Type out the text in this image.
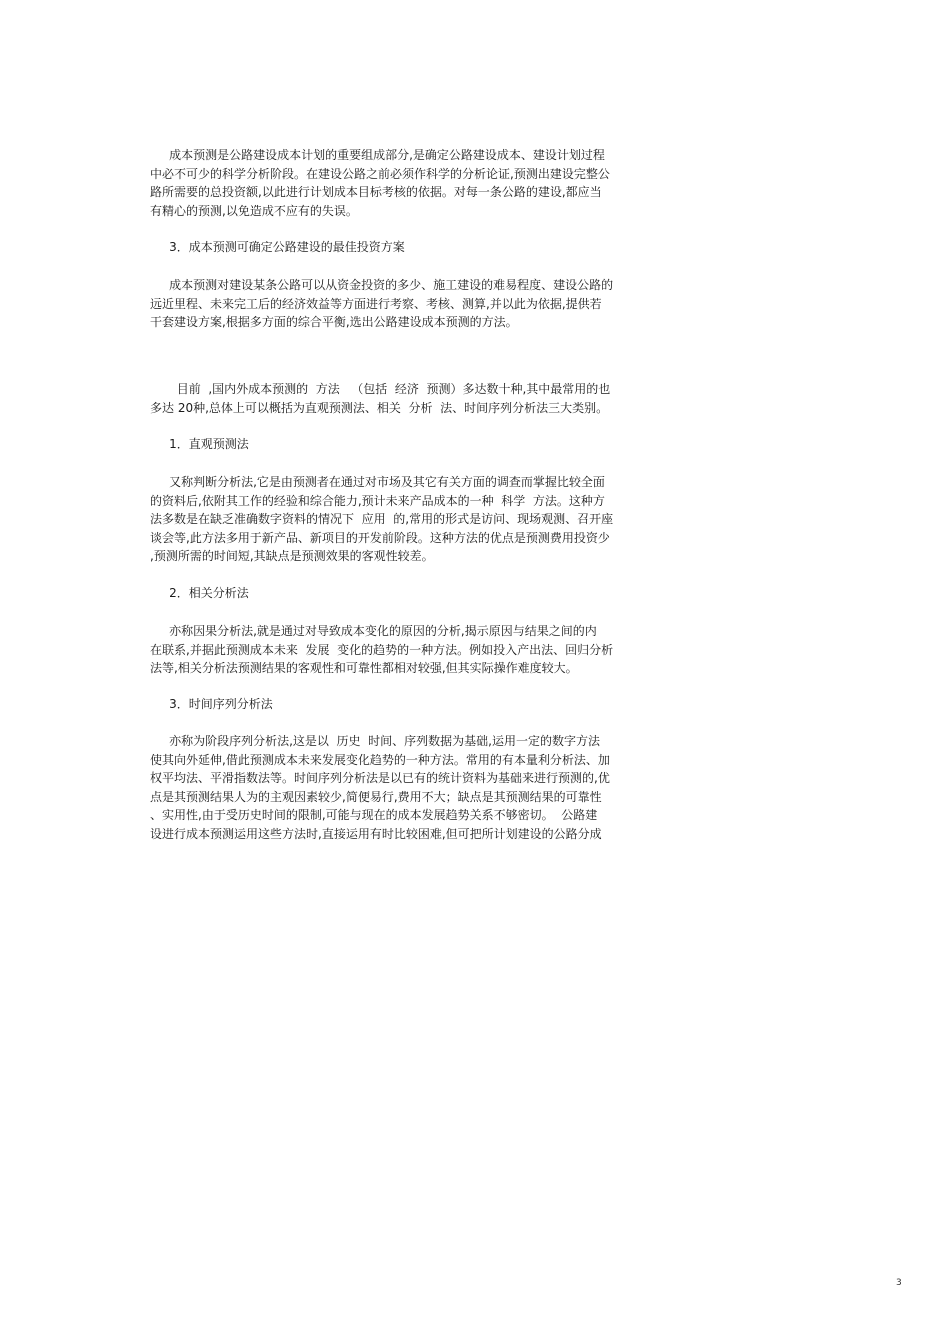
成本预测是公路建设成本计划的重要组成部分,是确定公路建设成本、建设计划过程
中必不可少的科学分析阶段。在建设公路之前必须作科学的分析论证,预测出建设完整公
路所需要的总投资额,以此进行计划成本目标考核的依据。对每一条公路的建设,都应当
有精心的预测,以免造成不应有的失误。
3．成本预测可确定公路建设的最佳投资方案
成本预测对建设某条公路可以从资金投资的多少、施工建设的难易程度、建设公路的
远近里程、未来完工后的经济效益等方面进行考察、考核、测算,并以此为依据,提供若
干套建设方案,根据多方面的综合平衡,选出公路建设成本预测的方法。
目前  ,国内外成本预测的  方法   （包括  经济  预测）多达数十种,其中最常用的也
多达 20种,总体上可以概括为直观预测法、相关  分析  法、时间序列分析法三大类别。
1．直观预测法
又称判断分析法,它是由预测者在通过对市场及其它有关方面的调查而掌握比较全面
的资料后,依附其工作的经验和综合能力,预计未来产品成本的一种  科学  方法。这种方
法多数是在缺乏准确数字资料的情况下  应用  的,常用的形式是访问、现场观测、召开座
谈会等,此方法多用于新产品、新项目的开发前阶段。这种方法的优点是预测费用投资少
,预测所需的时间短,其缺点是预测效果的客观性较差。
2．相关分析法
亦称因果分析法,就是通过对导致成本变化的原因的分析,揭示原因与结果之间的内
在联系,并据此预测成本未来  发展  变化的趋势的一种方法。例如投入产出法、回归分析
法等,相关分析法预测结果的客观性和可靠性都相对较强,但其实际操作难度较大。
3．时间序列分析法
亦称为阶段序列分析法,这是以  历史  时间、序列数据为基础,运用一定的数字方法
使其向外延伸,借此预测成本未来发展变化趋势的一种方法。常用的有本量利分析法、加
权平均法、平滑指数法等。时间序列分析法是以已有的统计资料为基础来进行预测的,优
点是其预测结果人为的主观因素较少,简便易行,费用不大；缺点是其预测结果的可靠性
、实用性,由于受历史时间的限制,可能与现在的成本发展趋势关系不够密切。  公路建
设进行成本预测运用这些方法时,直接运用有时比较困难,但可把所计划建设的公路分成
3
